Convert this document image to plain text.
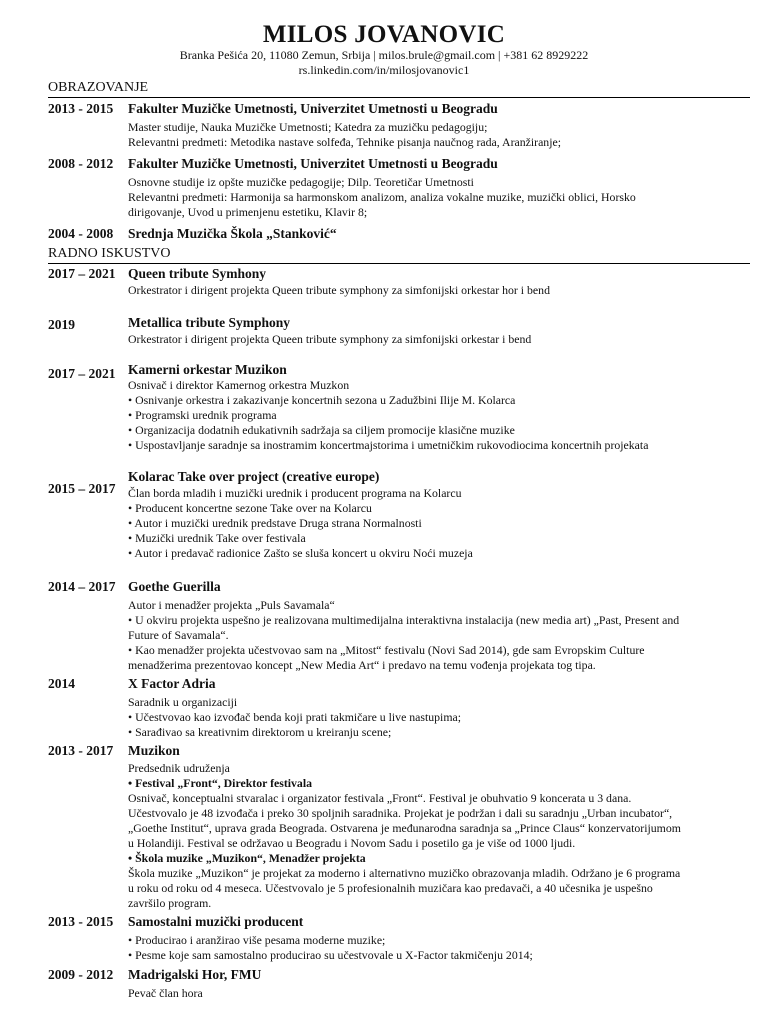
MILOS JOVANOVIC
Branka Pešića 20, 11080 Zemun, Srbija | milos.brule@gmail.com | +381 62 8929222
rs.linkedin.com/in/milosjovanovic1
OBRAZOVANJE
2013 - 2015	Fakulter Muzičke Umetnosti, Univerzitet Umetnosti u Beogradu
Master studije, Nauka Muzičke Umetnosti; Katedra za muzičku pedagogiju;
Relevantni predmeti: Metodika nastave solfeđa, Tehnike pisanja naučnog rada, Aranžiranje;
2008 - 2012	Fakulter Muzičke Umetnosti, Univerzitet Umetnosti u Beogradu
Osnovne studije iz opšte muzičke pedagogije; Dilp. Teoretičar Umetnosti
Relevantni predmeti: Harmonija sa harmonskom analizom, analiza vokalne muzike, muzički oblici, Horsko
dirigovanje, Uvod u primenjenu estetiku, Klavir 8;
2004 - 2008	Srednja Muzička Škola „Stanković“
RADNO ISKUSTVO
2017 – 2021 Queen tribute Symhony
Orkestrator i dirigent projekta Queen tribute symphony za simfonijski orkestar hor i bend
2019	Metallica tribute Symphony
Orkestrator i dirigent projekta Queen tribute symphony za simfonijski orkestar i bend
2017 – 2021 Kamerni orkestar Muzikon
Osnivač i direktor Kamernog orkestra Muzkon
• Osnivanje orkestra i zakazivanje koncertnih sezona u Zadužbini Ilije M. Kolarca
• Programski urednik programa
• Organizacija dodatnih edukativnih sadržaja sa ciljem promocije klasične muzike
• Uspostavljanje saradnje sa inostramim koncertmajstorima i umetničkim rukovodiocima koncertnih projekata
2015 – 2017
Kolarac Take over project (creative europe)
Član borda mladih i muzički urednik i producent programa na Kolarcu
• Producent koncertne sezone Take over na Kolarcu
• Autor i muzički urednik predstave Druga strana Normalnosti
• Muzički urednik Take over festivala
• Autor i predavač radionice Zašto se sluša koncert u okviru Noći muzeja
2014 – 2017 Goethe Guerilla
Autor i menadžer projekta „Puls Savamala“
• U okviru projekta uspešno je realizovana multimedijalna interaktivna instalacija (new media art) „Past, Present and
Future of Savamala“.
• Kao menadžer projekta učestvovao sam na „Mitost“ festivalu (Novi Sad 2014), gde sam Evropskim Culture
menadžerima prezentovao koncept „New Media Art“ i predavo na temu vođenja projekata tog tipa.
2014	X Factor Adria
Saradnik u organizaciji
• Učestvovao kao izvođač benda koji prati takmičare u live nastupima;
• Sarađivao sa kreativnim direktorom u kreiranju scene;
2013 - 2017	Muzikon
Predsednik udruženja
• Festival „Front“, Direktor festivala
Osnivač, konceptualni stvaralac i organizator festivala „Front“. Festival je obuhvatio 9 koncerata u 3 dana.
Učestvovalo je 48 izvođača i preko 30 spoljnih saradnika. Projekat je podržan i dali su saradnju „Urban incubator“,
„Goethe Institut“, uprava grada Beograda. Ostvarena je međunarodna saradnja sa „Prince Claus“ konzervatorijumom
u Holandiji. Festival se održavao u Beogradu i Novom Sadu i posetilo ga je više od 1000 ljudi.
• Škola muzike „Muzikon“, Menadžer projekta
Škola muzike „Muzikon“ je projekat za moderno i alternativno muzičko obrazovanja mladih. Održano je 6 programa
u roku od roku od 4 meseca. Učestvovalo je 5 profesionalnih muzičara kao predavači, a 40 učesnika je uspešno
završilo program.
2013 - 2015	Samostalni muzički producent
• Producirao i aranžirao više pesama moderne muzike;
• Pesme koje sam samostalno producirao su učestvovale u X-Factor takmičenju 2014;
2009 - 2012	Madrigalski Hor, FMU
Pevač član hora
